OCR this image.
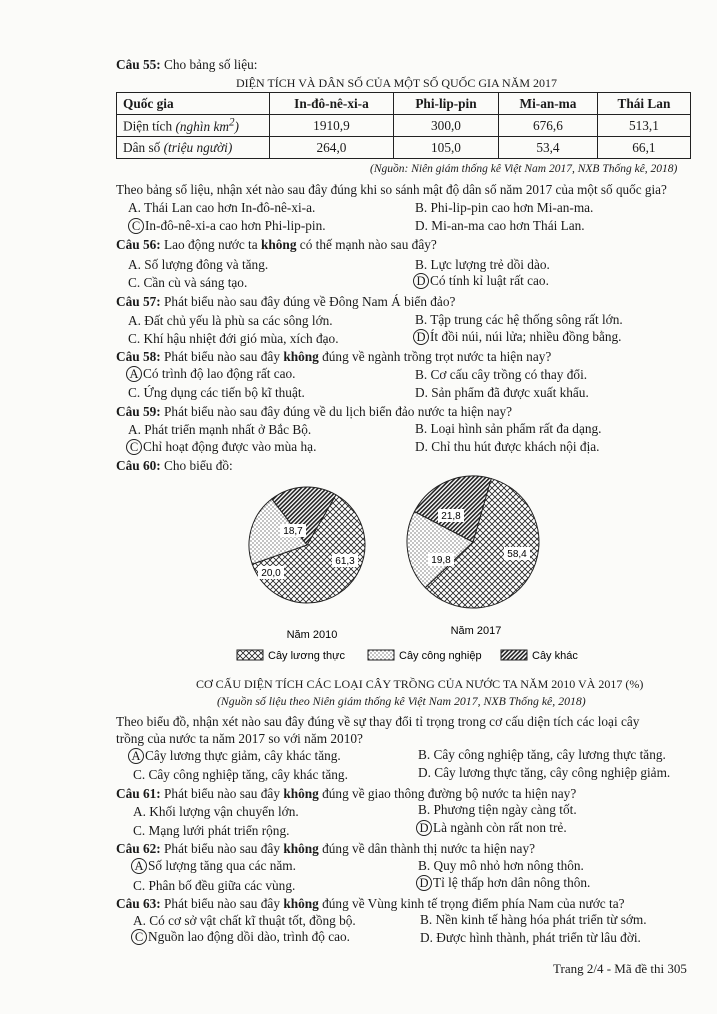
Câu 55: Cho bảng số liệu:
DIỆN TÍCH VÀ DÂN SỐ CỦA MỘT SỐ QUỐC GIA NĂM 2017
Quốc gia	In-đô-nê-xi-a	Phi-lip-pin	Mi-an-ma	Thái Lan
Diện tích (nghìn $km^2$)	1910,9	300,0	676,6	513,1
Dân số (triệu người)	264,0	105,0	53,4	66,1
(Nguồn: Niên giám thống kê Việt Nam 2017, NXB Thống kê, 2018)
Theo bảng số liệu, nhận xét nào sau đây đúng khi so sánh mật độ dân số năm 2017 của một số quốc gia?
A. Thái Lan cao hơn In-đô-nê-xi-a.	B. Phi-lip-pin cao hơn Mi-an-ma.
C In-đô-nê-xi-a cao hơn Phi-lip-pin.	D. Mi-an-ma cao hơn Thái Lan.
Câu 56: Lao động nước ta không có thế mạnh nào sau đây?
A. Số lượng đông và tăng.	B. Lực lượng trẻ dồi dào.
C. Cần cù và sáng tạo.	D Có tính kỉ luật rất cao.
Câu 57: Phát biểu nào sau đây đúng về Đông Nam Á biển đảo?
A. Đất chủ yếu là phù sa các sông lớn.	B. Tập trung các hệ thống sông rất lớn.
C. Khí hậu nhiệt đới gió mùa, xích đạo.	D Ít đồi núi, núi lửa; nhiều đồng bằng.
Câu 58: Phát biểu nào sau đây không đúng về ngành trồng trọt nước ta hiện nay?
A Có trình độ lao động rất cao.	B. Cơ cấu cây trồng có thay đổi.
C. Ứng dụng các tiến bộ kĩ thuật.	D. Sản phẩm đã được xuất khẩu.
Câu 59: Phát biểu nào sau đây đúng về du lịch biển đảo nước ta hiện nay?
A. Phát triển mạnh nhất ở Bắc Bộ.	B. Loại hình sản phẩm rất đa dạng.
C Chỉ hoạt động được vào mùa hạ.	D. Chỉ thu hút được khách nội địa.
Câu 60: Cho biểu đồ:
61,3
20,0
18,7
Năm 2010
58,4
19,8
21,8
Năm 2017
Cây lương thực	Cây công nghiệp	Cây khác
CƠ CẤU DIỆN TÍCH CÁC LOẠI CÂY TRỒNG CỦA NƯỚC TA NĂM 2010 VÀ 2017 (%)
(Nguồn số liệu theo Niên giám thống kê Việt Nam 2017, NXB Thống kê, 2018)
Theo biểu đồ, nhận xét nào sau đây đúng về sự thay đổi tỉ trọng trong cơ cấu diện tích các loại cây
trồng của nước ta năm 2017 so với năm 2010?
A Cây lương thực giảm, cây khác tăng.	B. Cây công nghiệp tăng, cây lương thực tăng.
C. Cây công nghiệp tăng, cây khác tăng.	D. Cây lương thực tăng, cây công nghiệp giảm.
Câu 61: Phát biểu nào sau đây không đúng về giao thông đường bộ nước ta hiện nay?
A. Khối lượng vận chuyển lớn.	B. Phương tiện ngày càng tốt.
C. Mạng lưới phát triển rộng.	D Là ngành còn rất non trẻ.
Câu 62: Phát biểu nào sau đây không đúng về dân thành thị nước ta hiện nay?
A Số lượng tăng qua các năm.	B. Quy mô nhỏ hơn nông thôn.
C. Phân bố đều giữa các vùng.	D Tỉ lệ thấp hơn dân nông thôn.
Câu 63: Phát biểu nào sau đây không đúng về Vùng kinh tế trọng điểm phía Nam của nước ta?
A. Có cơ sở vật chất kĩ thuật tốt, đồng bộ.	B. Nền kinh tế hàng hóa phát triển từ sớm.
C Nguồn lao động dồi dào, trình độ cao.	D. Được hình thành, phát triển từ lâu đời.
Trang 2/4 - Mã đề thi 305
